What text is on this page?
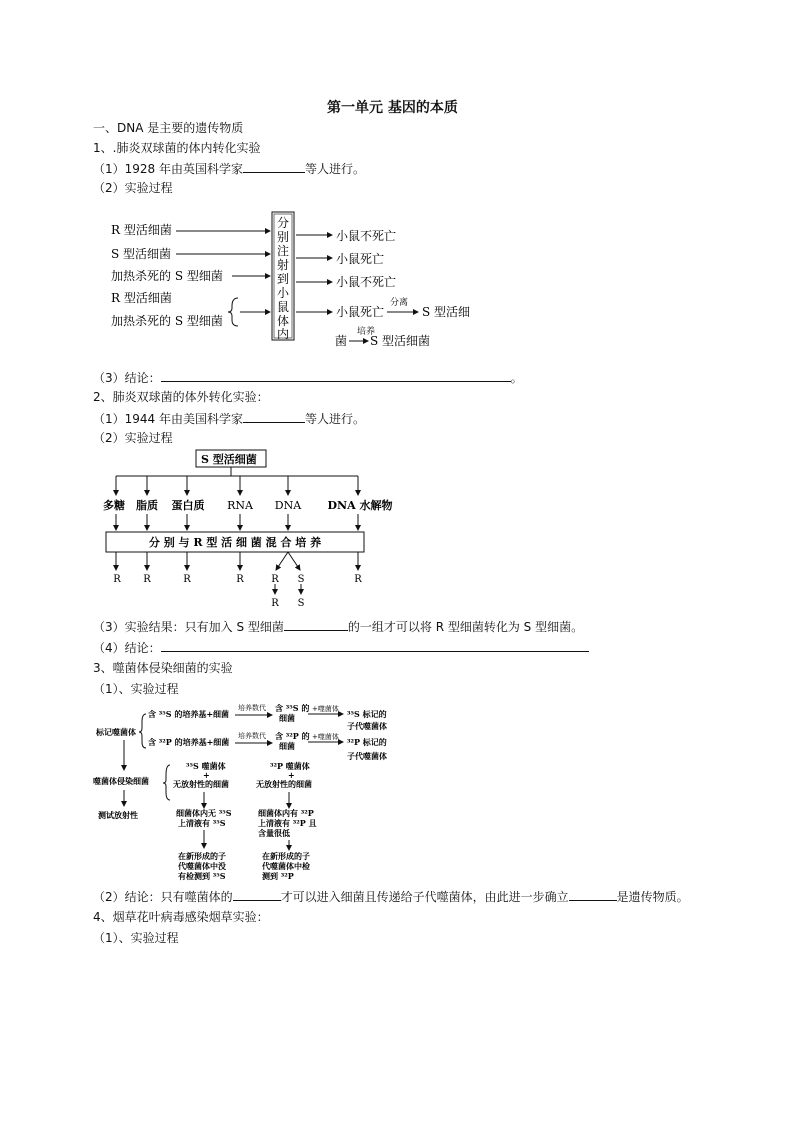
第一单元 基因的本质
一、DNA 是主要的遗传物质
1、.肺炎双球菌的体内转化实验
（1）1928 年由英国科学家	等人进行。
（2）实验过程
R 型活细菌
S 型活细菌
加热杀死的 S 型细菌
R 型活细菌
加热杀死的 S 型细菌
分
别
注
射
到
小
鼠
体
内
小鼠不死亡
小鼠死亡
小鼠不死亡
小鼠死亡
分离
S 型活细
菌
培养
S 型活细菌
（3）结论：	。
2、肺炎双球菌的体外转化实验：
（1）1944 年由美国科学家	等人进行。
（2）实验过程
S 型活细菌
多糖 脂质 蛋白质 RNA DNA DNA 水解物
分 别 与 R 型 活 细 菌 混 合 培 养
R R	R	R	R S	R
R S
（3）实验结果：只有加入 S 型细菌	的一组才可以将 R 型细菌转化为 S 型细菌。
（4）结论：
3、噬菌体侵染细菌的实验
（1）、实验过程
标记噬菌体
含 ³⁵S 的培养基+细菌
含 ³²P 的培养基+细菌
培养数代
培养数代
含 ³⁵S 的
细菌
含 ³²P 的
细菌
+噬菌体
+噬菌体
³⁵S 标记的
子代噬菌体
³²P 标记的
子代噬菌体
噬菌体侵染细菌
测试放射性
³⁵S 噬菌体
+
无放射性的细菌
³²P 噬菌体
+
无放射性的细菌
细菌体内无 ³⁵S
上清液有 ³⁵S
细菌体内有 ³²P
上清液有 ³²P 且
含量很低
在新形成的子
代噬菌体中没
有检测到 ³⁵S
在新形成的子
代噬菌体中检
测到 ³²P
（2）结论：只有噬菌体的	才可以进入细菌且传递给子代噬菌体，由此进一步确立	是遗传物质。
4、烟草花叶病毒感染烟草实验：
（1）、实验过程
